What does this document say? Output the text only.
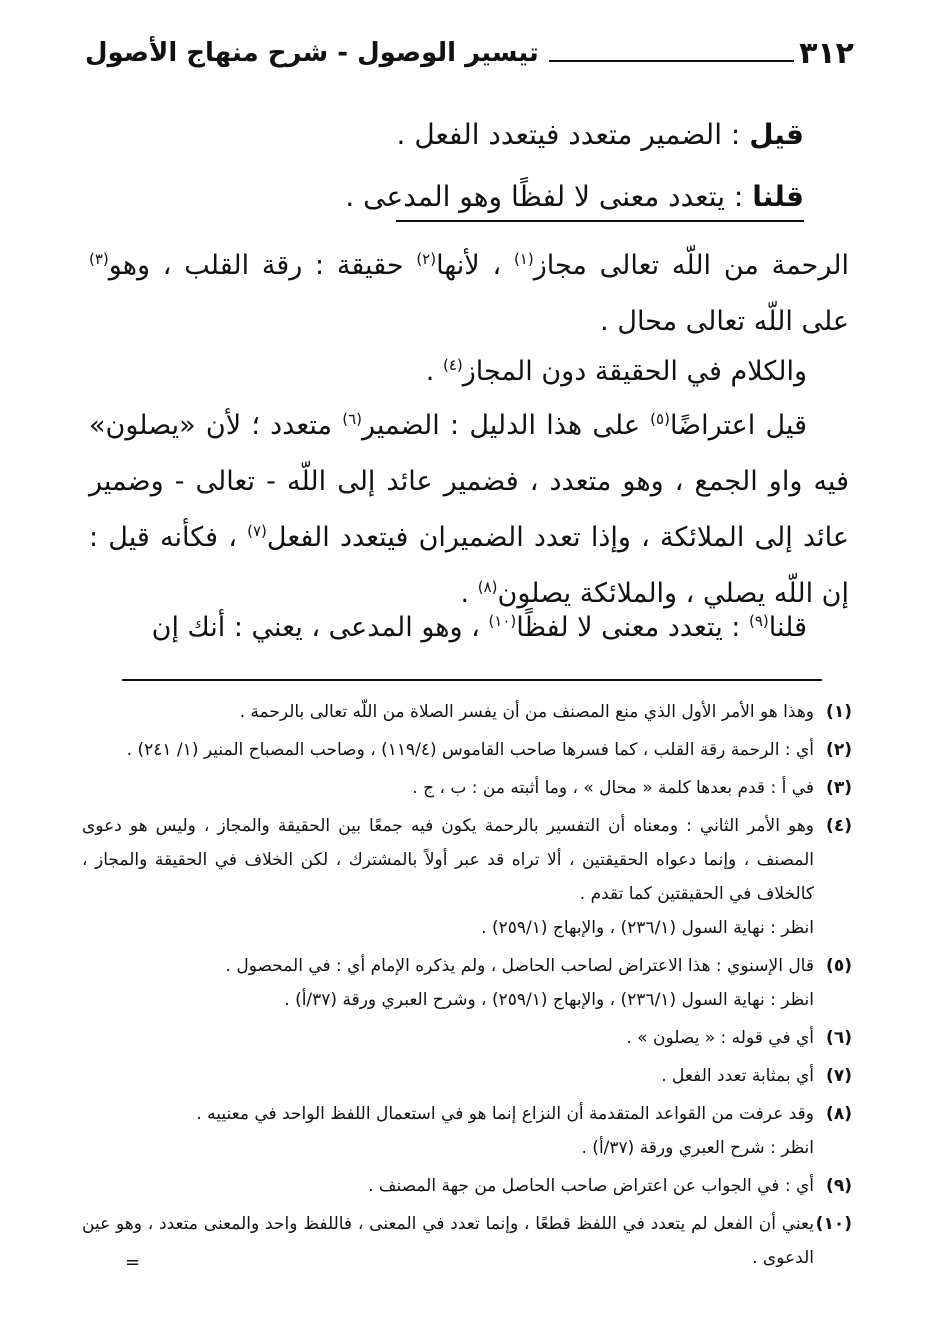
٣١٢
تيسير الوصول - شرح منهاج الأصول
قيل : الضمير متعدد فيتعدد الفعل .
قلنا : يتعدد معنى لا لفظًا وهو المدعى .
الرحمة من اللّه تعالى مجاز$^{(١)}$ ، لأنها$^{(٢)}$ حقيقة : رقة القلب ، وهو$^{(٣)}$ على اللّه تعالى محال .
والكلام في الحقيقة دون المجاز$^{(٤)}$ .
قيل اعتراضًا$^{(٥)}$ على هذا الدليل : الضمير$^{(٦)}$ متعدد ؛ لأن «يصلون» فيه واو الجمع ، وهو متعدد ، فضمير عائد إلى اللّه - تعالى - وضمير عائد إلى الملائكة ، وإذا تعدد الضميران فيتعدد الفعل$^{(٧)}$ ، فكأنه قيل : إن اللّه يصلي ، والملائكة يصلون$^{(٨)}$ .
قلنا$^{(٩)}$ : يتعدد معنى لا لفظًا$^{(١٠)}$ ، وهو المدعى ، يعني : أنك إن
(١)
وهذا هو الأمر الأول الذي منع المصنف من أن يفسر الصلاة من اللّه تعالى بالرحمة .
(٢)
أي : الرحمة رقة القلب ، كما فسرها صاحب القاموس (١١٩/٤) ، وصاحب المصباح المنير (١/ ٢٤١) .
(٣)
في أ : قدم بعدها كلمة « محال » ، وما أثبته من : ب ، ج .
(٤)
وهو الأمر الثاني : ومعناه أن التفسير بالرحمة يكون فيه جمعًا بين الحقيقة والمجاز ، وليس هو دعوى المصنف ، وإنما دعواه الحقيقتين ، ألا تراه قد عبر أولاً بالمشترك ، لكن الخلاف في الحقيقة والمجاز ، كالخلاف في الحقيقتين كما تقدم .
انظر : نهاية السول (٢٣٦/١) ، والإبهاج (٢٥٩/١) .
(٥)
قال الإسنوي : هذا الاعتراض لصاحب الحاصل ، ولم يذكره الإمام أي : في المحصول .
انظر : نهاية السول (٢٣٦/١) ، والإبهاج (٢٥٩/١) ، وشرح العبري ورقة (٣٧/أ) .
(٦)
أي في قوله : « يصلون » .
(٧)
أي بمثابة تعدد الفعل .
(٨)
وقد عرفت من القواعد المتقدمة أن النزاع إنما هو في استعمال اللفظ الواحد في معنييه .
انظر : شرح العبري ورقة (٣٧/أ) .
(٩)
أي : في الجواب عن اعتراض صاحب الحاصل من جهة المصنف .
(١٠)
يعني أن الفعل لم يتعدد في اللفظ قطعًا ، وإنما تعدد في المعنى ، فاللفظ واحد والمعنى متعدد ، وهو عين الدعوى .
=
